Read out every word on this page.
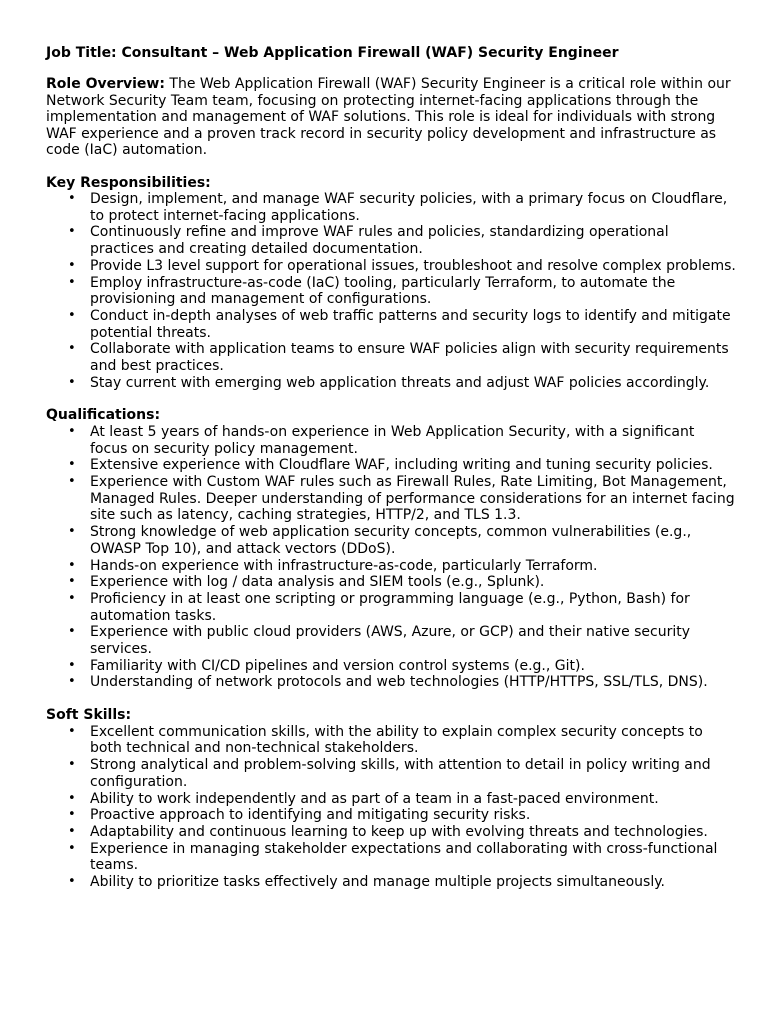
Job Title: Consultant – Web Application Firewall (WAF) Security Engineer

Role Overview: The Web Application Firewall (WAF) Security Engineer is a critical role within our Network Security Team team, focusing on protecting internet-facing applications through the implementation and management of WAF solutions. This role is ideal for individuals with strong WAF experience and a proven track record in security policy development and infrastructure as code (IaC) automation.

Key Responsibilities:
• Design, implement, and manage WAF security policies, with a primary focus on Cloudflare, to protect internet-facing applications.
• Continuously refine and improve WAF rules and policies, standardizing operational practices and creating detailed documentation.
• Provide L3 level support for operational issues, troubleshoot and resolve complex problems.
• Employ infrastructure-as-code (IaC) tooling, particularly Terraform, to automate the provisioning and management of configurations.
• Conduct in-depth analyses of web traffic patterns and security logs to identify and mitigate potential threats.
• Collaborate with application teams to ensure WAF policies align with security requirements and best practices.
• Stay current with emerging web application threats and adjust WAF policies accordingly.
Qualifications:
• At least 5 years of hands-on experience in Web Application Security, with a significant focus on security policy management.
• Extensive experience with Cloudflare WAF, including writing and tuning security policies.
• Experience with Custom WAF rules such as Firewall Rules, Rate Limiting, Bot Management, Managed Rules. Deeper understanding of performance considerations for an internet facing site such as latency, caching strategies, HTTP/2, and TLS 1.3.
• Strong knowledge of web application security concepts, common vulnerabilities (e.g., OWASP Top 10), and attack vectors (DDoS).
• Hands-on experience with infrastructure-as-code, particularly Terraform.
• Experience with log / data analysis and SIEM tools (e.g., Splunk).
• Proficiency in at least one scripting or programming language (e.g., Python, Bash) for automation tasks.
• Experience with public cloud providers (AWS, Azure, or GCP) and their native security services.
• Familiarity with CI/CD pipelines and version control systems (e.g., Git).
• Understanding of network protocols and web technologies (HTTP/HTTPS, SSL/TLS, DNS).
Soft Skills:
• Excellent communication skills, with the ability to explain complex security concepts to both technical and non-technical stakeholders.
• Strong analytical and problem-solving skills, with attention to detail in policy writing and configuration.
• Ability to work independently and as part of a team in a fast-paced environment.
• Proactive approach to identifying and mitigating security risks.
• Adaptability and continuous learning to keep up with evolving threats and technologies.
• Experience in managing stakeholder expectations and collaborating with cross-functional teams.
• Ability to prioritize tasks effectively and manage multiple projects simultaneously.
